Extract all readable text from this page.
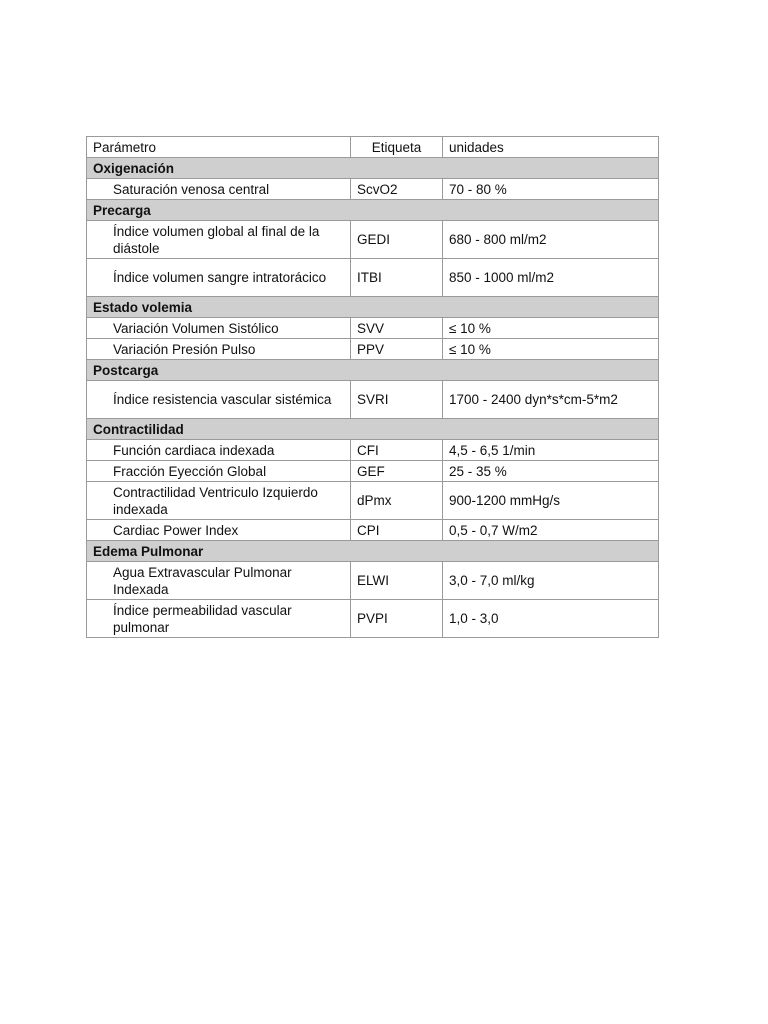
Parámetro	Etiqueta	unidades
Oxigenación		
Saturación venosa central	ScvO2	70 - 80 %
Precarga		
Índice volumen global al final de la diástole	GEDI	680 - 800 ml/m2
Índice volumen sangre intratorácico	ITBI	850 - 1000 ml/m2
Estado volemia		
Variación Volumen Sistólico	SVV	≤ 10 %
Variación Presión Pulso	PPV	≤ 10 %
Postcarga		
Índice resistencia vascular sistémica	SVRI	1700 - 2400 dyn*s*cm-5*m2
Contractilidad		
Función cardiaca indexada	CFI	4,5 - 6,5 1/min
Fracción Eyección Global	GEF	25 - 35 %
Contractilidad Ventriculo Izquierdo indexada	dPmx	900-1200 mmHg/s
Cardiac Power Index	CPI	0,5 - 0,7 W/m2
Edema Pulmonar		
Agua Extravascular Pulmonar Indexada	ELWI	3,0 - 7,0 ml/kg
Índice permeabilidad vascular pulmonar	PVPI	1,0 - 3,0
